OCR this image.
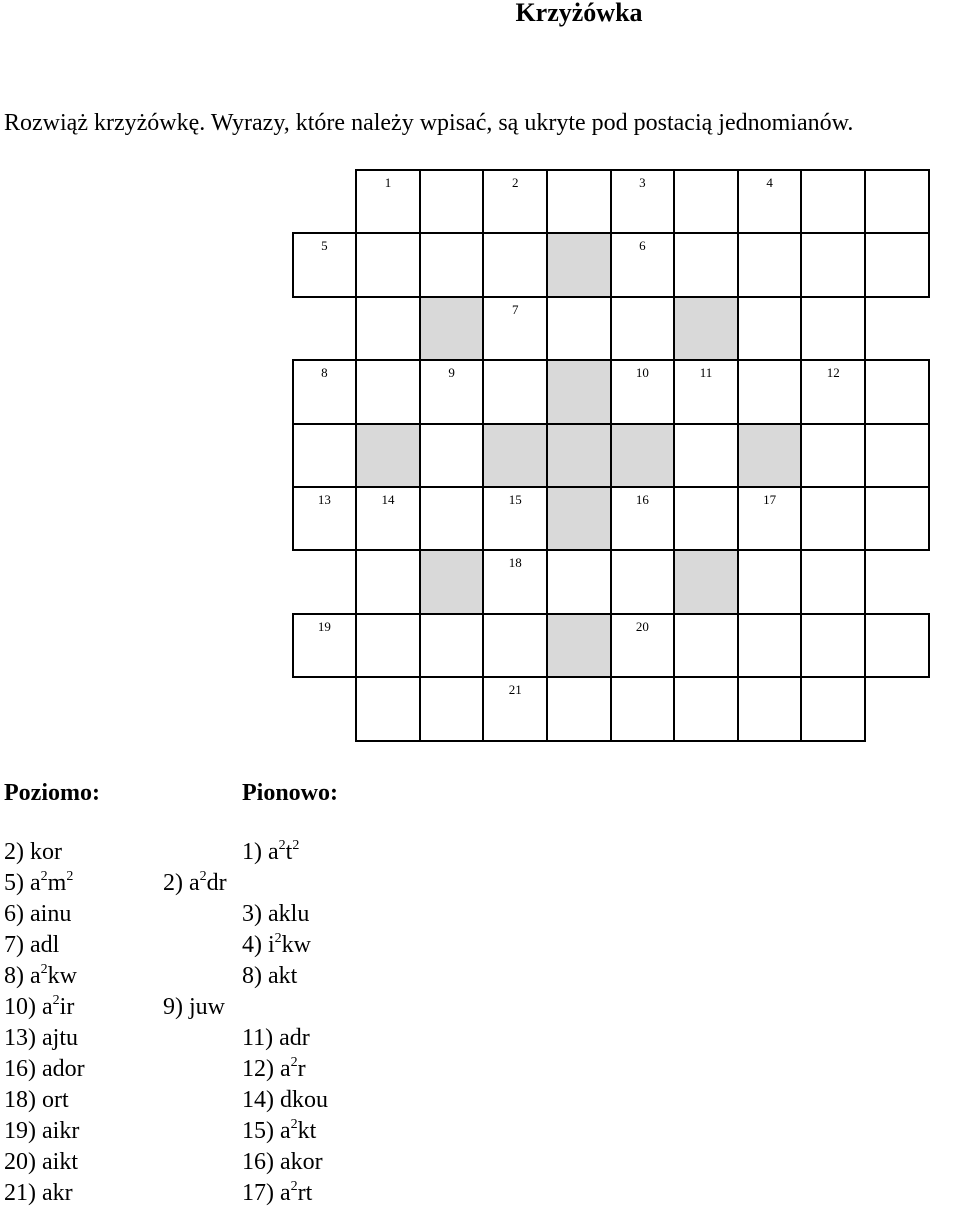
Krzyżówka
Rozwiąż krzyżówkę. Wyrazy, które należy wpisać, są ukryte pod postacią jednomianów.
1	2	3	4
5	6
7
8	9	10	11	12
13	14	15	16	17
18
19	20
21
Poziomo:	Pionowo:
2) kor
5) $a^2m^2$
6) ainu
7) adl
8) $a^2kw$
10) $a^2ir$
13) ajtu
16) ador
18) ort
19) aikr
20) aikt
21) akr
1) $a^2t^2$
2) $a^2dr$
3) aklu
4) $i^2kw$
8) akt
9) juw
11) adr
12) $a^2r$
14) dkou
15) $a^2kt$
16) akor
17) $a^2rt$
